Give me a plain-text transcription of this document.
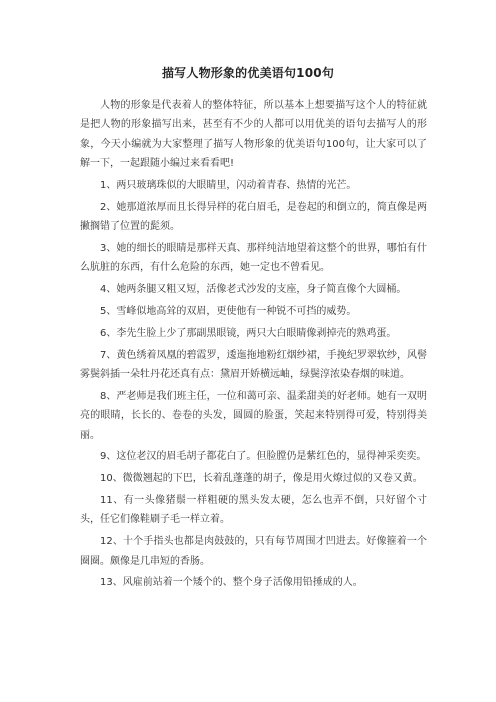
描写人物形象的优美语句100句

人物的形象是代表着人的整体特征，所以基本上想要描写这个人的特征就是把人物的形象描写出来，甚至有不少的人都可以用优美的语句去描写人的形象，今天小编就为大家整理了描写人物形象的优美语句100句，让大家可以了解一下，一起跟随小编过来看看吧!

1、两只玻璃珠似的大眼睛里，闪动着青春、热情的光芒。

2、她那道浓厚而且长得异样的花白眉毛，是卷起的和倒立的，简直像是两撇搁错了位置的髭须。

3、她的细长的眼睛是那样天真、那样纯洁地望着这整个的世界，哪怕有什么肮脏的东西，有什么危险的东西，她一定也不曾看见。

4、她两条腿又粗又短，活像老式沙发的支座，身子简直像个大圆桶。

5、雪峰似地高耸的双眉，更使他有一种锐不可挡的威势。

6、李先生脸上少了那副黑眼镜，两只大白眼睛像剥掉壳的熟鸡蛋。

7、黄色绣着凤凰的碧霞罗，逶迤拖地粉红烟纱裙，手挽纪罗翠软纱，风髻雾鬓斜插一朵牡丹花还真有点：黛眉开娇横远岫，绿鬓淳浓染春烟的味道。

8、严老师是我们班主任，一位和蔼可亲、温柔甜美的好老师。她有一双明亮的眼睛，长长的、卷卷的头发，圆圆的脸蛋，笑起来特别得可爱，特别得美丽。

9、这位老汉的眉毛胡子都花白了。但脸膛仍是紫红色的，显得神采奕奕。

10、微微翘起的下巴，长着乱蓬蓬的胡子，像是用火燎过似的又卷又黄。

11、有一头像猪鬃一样粗硬的黑头发太硬，怎么也弄不倒，只好留个寸头，任它们像鞋刷子毛一样立着。

12、十个手指头也都是肉鼓鼓的，只有每节周围才凹进去。好像箍着一个圈圈。颇像是几串短的香肠。

13、风雇前站着一个矮个的、整个身子活像用铅捶成的人。
